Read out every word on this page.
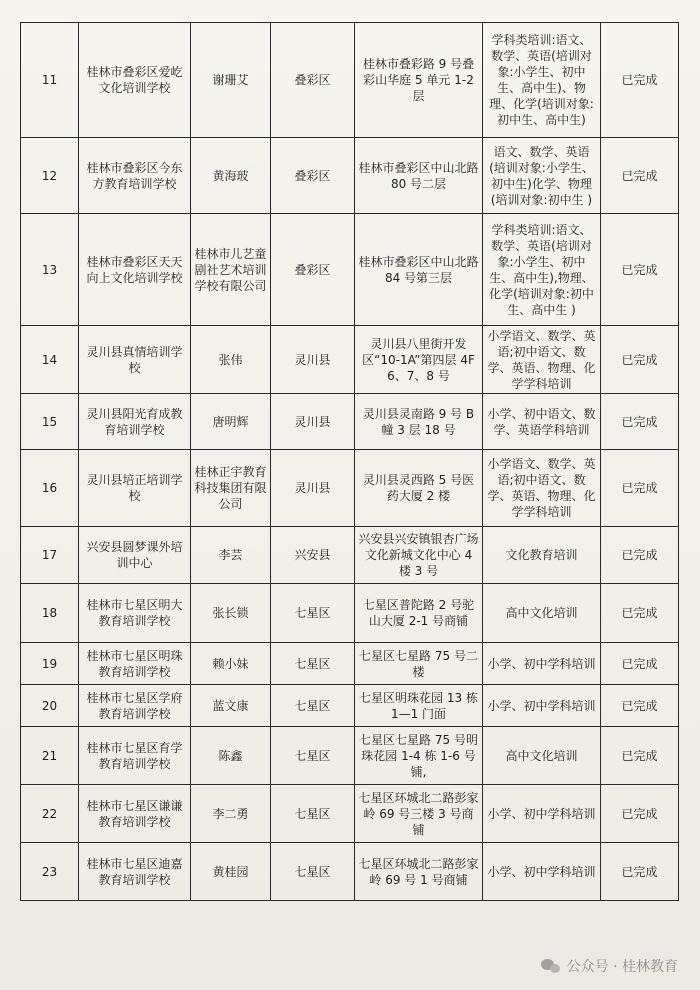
11	桂林市叠彩区爱屹文化培训学校	谢珊艾	叠彩区	桂林市叠彩路 9 号叠彩山华庭 5 单元 1-2 层	学科类培训:语文、数学、英语(培训对象:小学生、初中生、高中生)、物理、化学(培训对象:初中生、高中生)	已完成
12	桂林市叠彩区今东方教育培训学校	黄海玻	叠彩区	桂林市叠彩区中山北路 80 号二层	语文、数学、英语(培训对象:小学生、初中生)化学、物理(培训对象:初中生 )	已完成
13	桂林市叠彩区天天向上文化培训学校	桂林市儿艺童剧社艺术培训学校有限公司	叠彩区	桂林市叠彩区中山北路 84 号第三层	学科类培训:语文、数学、英语(培训对象:小学生、初中生、高中生),物理、化学(培训对象:初中生、高中生 )	已完成
14	灵川县真情培训学校	张伟	灵川县	灵川县八里街开发区“10-1A”第四层 4F6、7、8 号	小学语文、数学、英语;初中语文、数学、英语、物理、化学学科培训	已完成
15	灵川县阳光育成教育培训学校	唐明辉	灵川县	灵川县灵南路 9 号 B 幢 3 层 18 号	小学、初中语文、数学、英语学科培训	已完成
16	灵川县培正培训学校	桂林正宇教育科技集团有限公司	灵川县	灵川县灵西路 5 号医药大厦 2 楼	小学语文、数学、英语;初中语文、数学、英语、物理、化学学科培训	已完成
17	兴安县圆梦课外培训中心	李芸	兴安县	兴安县兴安镇银杏广场文化新城文化中心 4 楼 3 号	文化教育培训	已完成
18	桂林市七星区明大教育培训学校	张长锁	七星区	七星区普陀路 2 号驼山大厦 2-1 号商铺	高中文化培训	已完成
19	桂林市七星区明珠教育培训学校	赖小妹	七星区	七星区七星路 75 号二楼	小学、初中学科培训	已完成
20	桂林市七星区学府教育培训学校	蓝文康	七星区	七星区明珠花园 13 栋 1—1 门面	小学、初中学科培训	已完成
21	桂林市七星区育学教育培训学校	陈鑫	七星区	七星区七星路 75 号明珠花园 1-4 栋 1-6 号铺,	高中文化培训	已完成
22	桂林市七星区谦谦教育培训学校	李二勇	七星区	七星区环城北二路彭家岭 69 号三楼 3 号商铺	小学、初中学科培训	已完成
23	桂林市七星区迪嘉教育培训学校	黄桂园	七星区	七星区环城北二路彭家岭 69 号 1 号商铺	小学、初中学科培训	已完成
公众号 · 桂林教育
